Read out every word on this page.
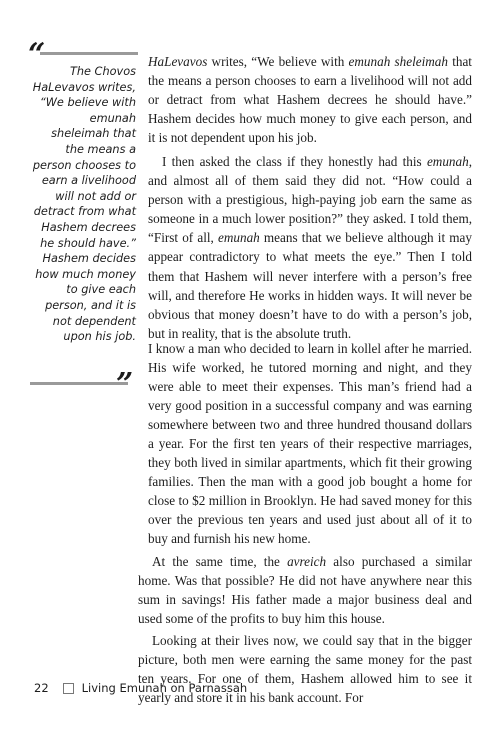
“	The Chovos HaLevavos writes, “We believe with emunah sheleimah that the means a person chooses to earn a livelihood will not add or detract from what Hashem decrees he should have.” Hashem decides how much money to give each person, and it is not dependent upon his job.
”

HaLevavos writes, “We believe with emunah sheleimah that the means a person chooses to earn a livelihood will not add or detract from what Hashem decrees he should have.” Hashem decides how much money to give each person, and it is not dependent upon his job.

I then asked the class if they honestly had this emunah, and almost all of them said they did not. “How could a person with a prestigious, high-paying job earn the same as someone in a much lower position?” they asked. I told them, “First of all, emunah means that we believe although it may appear contradictory to what meets the eye.” Then I told them that Hashem will never interfere with a person’s free will, and therefore He works in hidden ways. It will never be obvious that money doesn’t have to do with a person’s job, but in reality, that is the absolute truth.

I know a man who decided to learn in kollel after he married. His wife worked, he tutored morning and night, and they were able to meet their expenses. This man’s friend had a very good position in a successful company and was earning somewhere between two and three hundred thousand dollars a year. For the first ten years of their respective marriages, they both lived in similar apartments, which fit their growing families. Then the man with a good job bought a home for close to $2 million in Brooklyn. He had saved money for this over the previous ten years and used just about all of it to buy and furnish his new home.

At the same time, the avreich also purchased a similar home. Was that possible? He did not have anywhere near this sum in savings! His father made a major business deal and used some of the profits to buy him this house.

Looking at their lives now, we could say that in the bigger picture, both men were earning the same money for the past ten years. For one of them, Hashem allowed him to see it yearly and store it in his bank account. For

22	Living Emunah on Parnassah
